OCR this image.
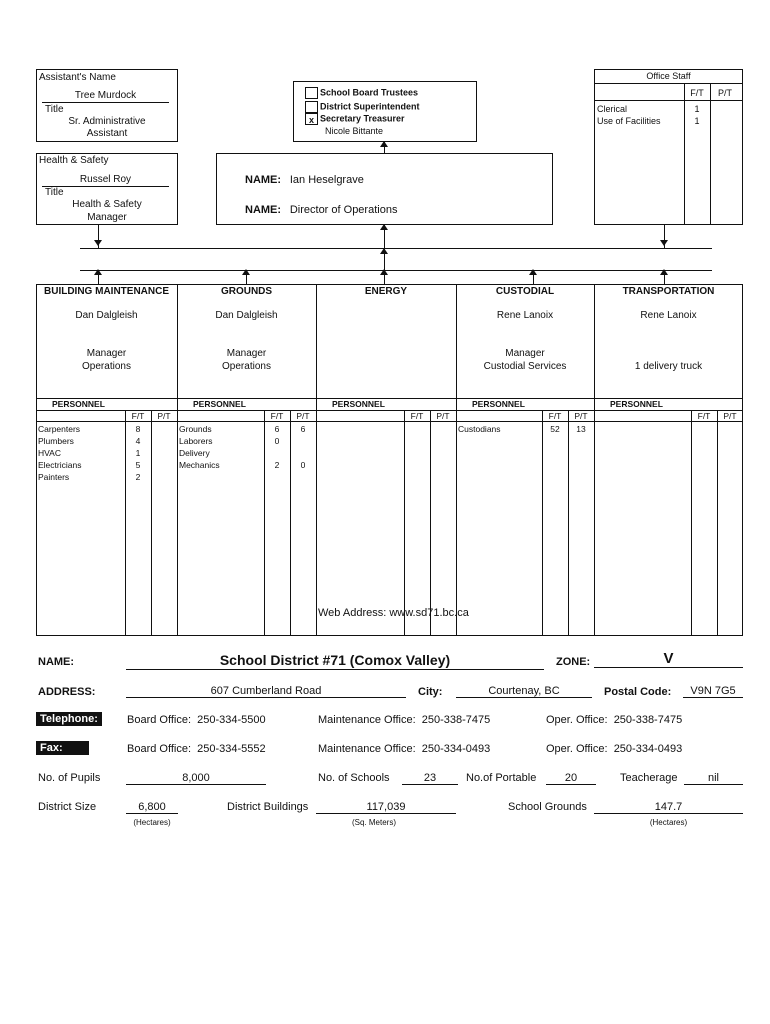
Assistant's Name
Tree Murdock
Title
Sr. Administrative
Assistant
Health & Safety
Russel Roy
Title
Health & Safety
Manager
School Board Trustees
District Superintendent
x Secretary Treasurer
Nicole Bittante
Office Staff
F/T	P/T
Clerical	1
Use of Facilities	1
NAME: Ian Heselgrave
NAME: Director of Operations
BUILDING MAINTENANCE
Dan Dalgleish
Manager
Operations
PERSONNEL
F/T	P/T
Carpenters	8
Plumbers	4
HVAC	1
Electricians	5
Painters	2
GROUNDS
Dan Dalgleish
Manager
Operations
PERSONNEL
F/T	P/T
Grounds	6	6
Laborers	0
Delivery
Mechanics	2	0
ENERGY
PERSONNEL
F/T	P/T
CUSTODIAL
Rene Lanoix
Manager
Custodial Services
PERSONNEL
F/T	P/T
Custodians	52	13
TRANSPORTATION
Rene Lanoix
1 delivery truck
PERSONNEL
F/T	P/T
Web Address: www.sd71.bc.ca
NAME:	School District #71 (Comox Valley)	ZONE:	V
ADDRESS:	607 Cumberland Road	City:	Courtenay, BC	Postal Code:	V9N 7G5
Telephone:	Board Office: 250-334-5500	Maintenance Office: 250-338-7475	Oper. Office: 250-338-7475
Fax:	Board Office: 250-334-5552	Maintenance Office: 250-334-0493	Oper. Office: 250-334-0493
No. of Pupils	8,000	No. of Schools	23	No.of Portable	20	Teacherage	nil
District Size	6,800
(Hectares)
District Buildings	117,039
(Sq. Meters)
School Grounds	147.7
(Hectares)
